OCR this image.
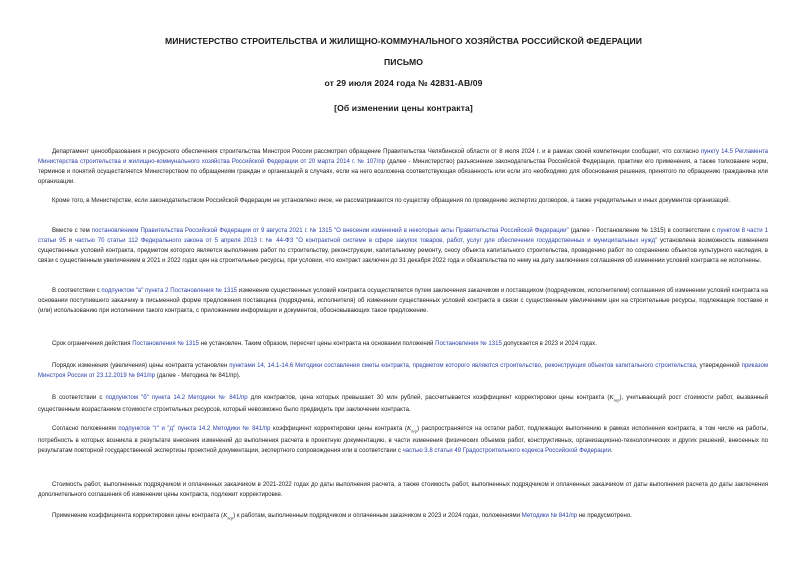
МИНИСТЕРСТВО СТРОИТЕЛЬСТВА И ЖИЛИЩНО-КОММУНАЛЬНОГО ХОЗЯЙСТВА РОССИЙСКОЙ ФЕДЕРАЦИИ
ПИСЬМО
от 29 июля 2024 года № 42831-АВ/09
[Об изменении цены контракта]

Департамент ценообразования и ресурсного обеспечения строительства Минстроя России рассмотрел обращение Правительства Челябинской области от 8 июля 2024 г. и в рамках своей компетенции сообщает, что согласно пункту 14.5 Регламента Министерства строительства и жилищно-коммунального хозяйства Российской Федерации от 20 марта 2014 г. № 107/пр (далее - Министерство) разъяснение законодательства Российской Федерации, практики его применения, а также толкование норм, терминов и понятий осуществляется Министерством по обращениям граждан и организаций в случаях, если на него возложена соответствующая обязанность или если это необходимо для обоснования решения, принятого по обращению гражданина или организации.

Кроме того, в Министерстве, если законодательством Российской Федерации не установлено иное, не рассматриваются по существу обращения по проведению экспертиз договоров, а также учредительных и иных документов организаций.

Вместе с тем постановлением Правительства Российской Федерации от 9 августа 2021 г. № 1315 "О внесении изменений в некоторые акты Правительства Российской Федерации" (далее - Постановление № 1315) в соответствии с пунктом 8 части 1 статьи 95 и частью 70 статьи 112 Федерального закона от 5 апреля 2013 г. № 44-ФЗ "О контрактной системе в сфере закупок товаров, работ, услуг для обеспечения государственных и муниципальных нужд" установлена возможность изменения существенных условий контракта, предметом которого является выполнение работ по строительству, реконструкции, капитальному ремонту, сносу объекта капитального строительства, проведению работ по сохранению объектов культурного наследия, в связи с существенным увеличением в 2021 и 2022 годах цен на строительные ресурсы, при условии, что контракт заключен до 31 декабря 2022 года и обязательства по нему на дату заключения соглашения об изменении условий контракта не исполнены.

В соответствии с подпунктом "а" пункта 2 Постановления № 1315 изменение существенных условий контракта осуществляется путем заключения заказчиком и поставщиком (подрядчиком, исполнителем) соглашения об изменении условий контракта на основании поступившего заказчику в письменной форме предложения поставщика (подрядчика, исполнителя) об изменении существенных условий контракта в связи с существенным увеличением цен на строительные ресурсы, подлежащие поставке и (или) использованию при исполнении такого контракта, с приложением информации и документов, обосновывающих такое предложение.

Срок ограничения действия Постановления № 1315 не установлен. Таким образом, пересчет цены контракта на основании положений Постановления № 1315 допускается в 2023 и 2024 годах.

Порядок изменения (увеличения) цены контракта установлен пунктами 14, 14.1-14.6 Методики составления сметы контракта, предметом которого являются строительство, реконструкция объектов капитального строительства, утвержденной приказом Минстроя России от 23.12.2019 № 841/пр (далее - Методика № 841/пр).

В соответствии с подпунктом "б" пункта 14.2 Методики № 841/пр для контрактов, цена которых превышает 30 млн рублей, рассчитывается коэффициент корректировки цены контракта $(K_{пер})$, учитывающий рост стоимости работ, вызванный существенным возрастанием стоимости строительных ресурсов, который невозможно было предвидеть при заключении контракта.

Согласно положениям подпунктов "г" и "д" пункта 14.2 Методики № 841/пр коэффициент корректировки цены контракта $(K_{пер})$ распространяется на остатки работ, подлежащих выполнению в рамках исполнения контракта, в том числе на работы, потребность в которых возникла в результате внесения изменений до выполнения расчета в проектную документацию, в части изменения физических объемов работ, конструктивных, организационно-технологических и других решений, внесенных по результатам повторной государственной экспертизы проектной документации, экспертного сопровождения или в соответствии с частью 3.8 статьи 49 Градостроительного кодекса Российской Федерации.

Стоимость работ, выполненных подрядчиком и оплаченных заказчиком в 2021-2022 годах до даты выполнения расчета, а также стоимость работ, выполненных подрядчиком и оплаченных заказчиком от даты выполнения расчета до даты заключения дополнительного соглашения об изменении цены контракта, подлежит корректировке.

Применение коэффициента корректировки цены контракта $(K_{пер})$ к работам, выполненным подрядчиком и оплаченным заказчиком в 2023 и 2024 годах, положениями Методики № 841/пр не предусмотрено.
